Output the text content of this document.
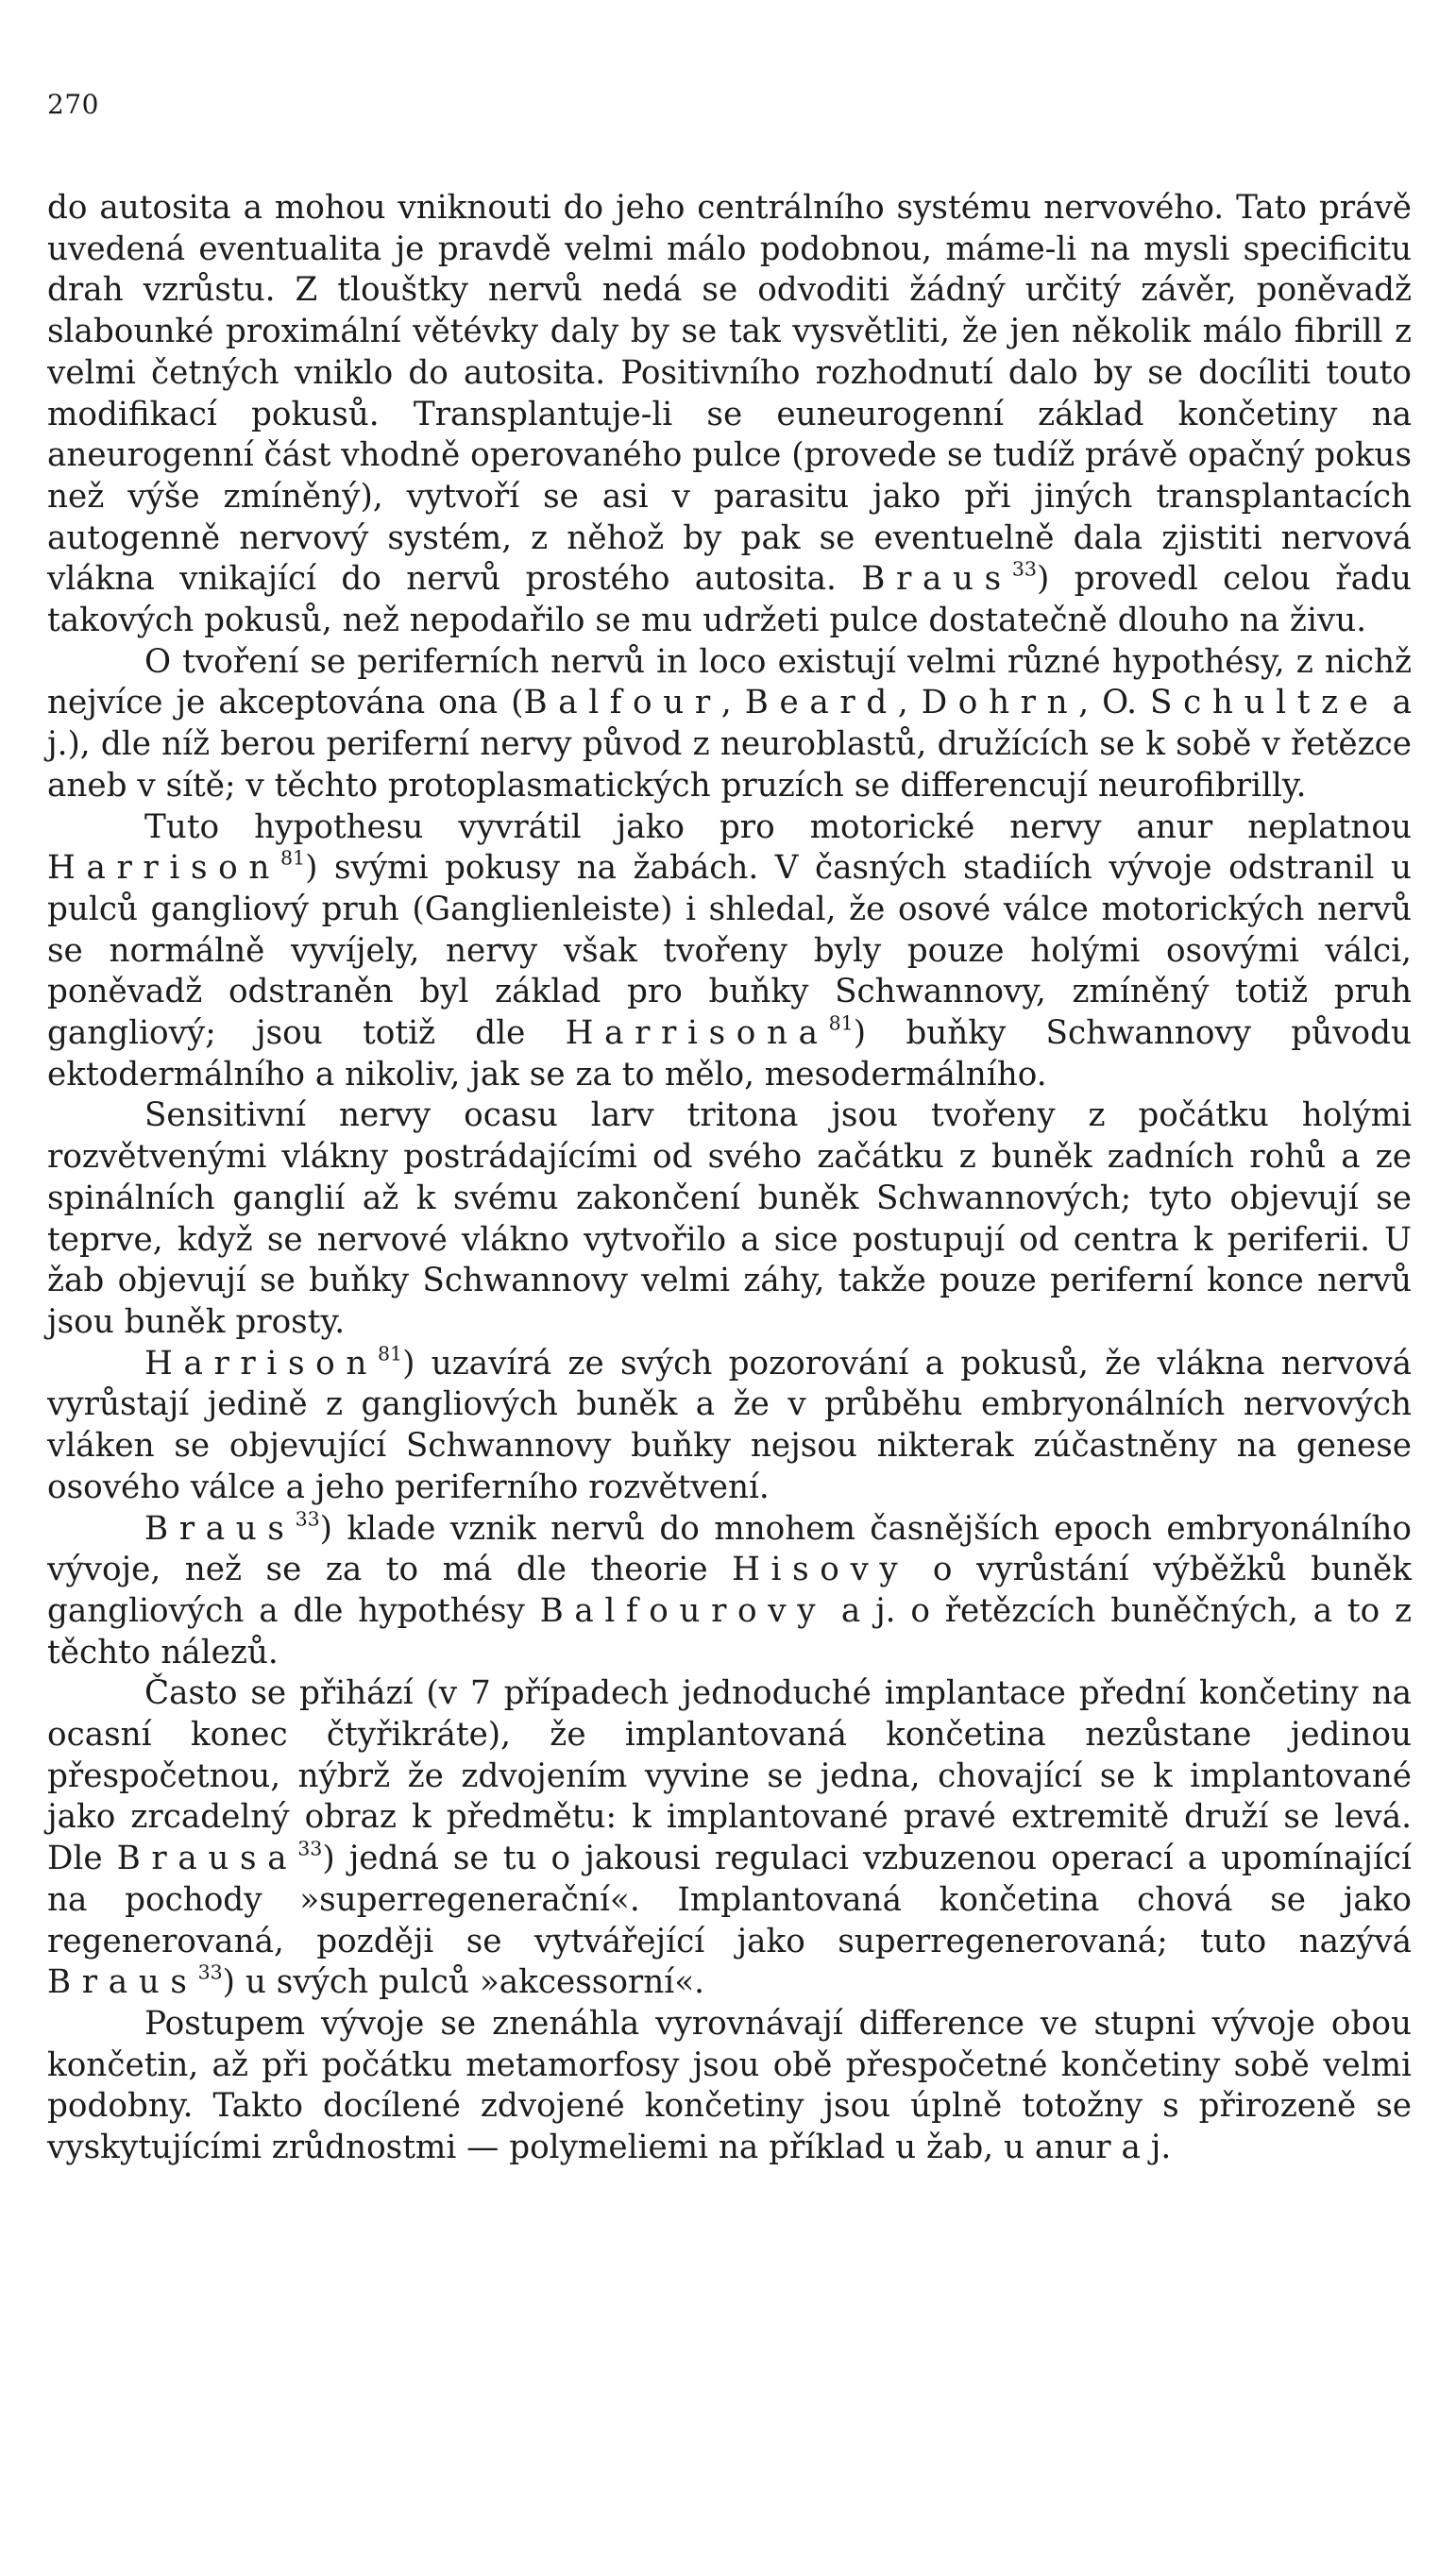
270

do autosita a mohou vniknouti do jeho centrálního systému nervového. Tato právě uvedená eventualita je pravdě velmi málo podobnou, máme-li na mysli specificitu drah vzrůstu. Z tlouštky nervů nedá se odvoditi žádný určitý závěr, poněvadž slabounké proximální větévky daly by se tak vysvětliti, že jen několik málo fibrill z velmi četných vniklo do autosita. Positivního rozhodnutí dalo by se docíliti touto modifikací pokusů. Transplantuje-li se euneurogenní základ končetiny na aneurogenní část vhodně operovaného pulce (provede se tudíž právě opačný pokus než výše zmíněný), vytvoří se asi v parasitu jako při jiných transplantacích autogenně nervový systém, z něhož by pak se eventuelně dala zjistiti nervová vlákna vnikající do nervů prostého autosita. Braus$^{33}$) provedl celou řadu takových pokusů, než nepodařilo se mu udržeti pulce dostatečně dlouho na živu.

O tvoření se periferních nervů in loco existují velmi různé hypothésy, z nichž nejvíce je akceptována ona (Balfour, Beard, Dohrn, O. Schultze a j.), dle níž berou periferní nervy původ z neuroblastů, družících se k sobě v řetězce aneb v sítě; v těchto protoplasmatických pruzích se differencují neurofibrilly.

Tuto hypothesu vyvrátil jako pro motorické nervy anur neplatnou Harrison$^{81}$) svými pokusy na žabách. V časných stadiích vývoje odstranil u pulců gangliový pruh (Ganglienleiste) i shledal, že osové válce motorických nervů se normálně vyvíjely, nervy však tvořeny byly pouze holými osovými válci, poněvadž odstraněn byl základ pro buňky Schwannovy, zmíněný totiž pruh gangliový; jsou totiž dle Harrisona$^{81}$) buňky Schwannovy původu ektodermálního a nikoliv, jak se za to mělo, mesodermálního.

Sensitivní nervy ocasu larv tritona jsou tvořeny z počátku holými rozvětvenými vlákny postrádajícími od svého začátku z buněk zadních rohů a ze spinálních ganglií až k svému zakončení buněk Schwannových; tyto objevují se teprve, když se nervové vlákno vytvořilo a sice postupují od centra k periferii. U žab objevují se buňky Schwannovy velmi záhy, takže pouze periferní konce nervů jsou buněk prosty.

Harrison$^{81}$) uzavírá ze svých pozorování a pokusů, že vlákna nervová vyrůstají jedině z gangliových buněk a že v průběhu embryonálních nervových vláken se objevující Schwannovy buňky nejsou nikterak zúčastněny na genese osového válce a jeho periferního rozvětvení.

Braus$^{33}$) klade vznik nervů do mnohem časnějších epoch embryonálního vývoje, než se za to má dle theorie Hisovy o vyrůstání výběžků buněk gangliových a dle hypothésy Balfourovy a j. o řetězcích buněčných, a to z těchto nálezů.

Často se přihází (v 7 případech jednoduché implantace přední končetiny na ocasní konec čtyřikráte), že implantovaná končetina nezůstane jedinou přespočetnou, nýbrž že zdvojením vyvine se jedna, chovající se k implantované jako zrcadelný obraz k předmětu: k implantované pravé extremitě druží se levá. Dle Brausa$^{33}$) jedná se tu o jakousi regulaci vzbuzenou operací a upomínající na pochody »superregenerační«. Implantovaná končetina chová se jako regenerovaná, později se vytvářející jako superregenerovaná; tuto nazývá Braus$^{33}$) u svých pulců »akcessorní«.

Postupem vývoje se znenáhla vyrovnávají difference ve stupni vývoje obou končetin, až při počátku metamorfosy jsou obě přespočetné končetiny sobě velmi podobny. Takto docílené zdvojené končetiny jsou úplně totožny s přirozeně se vyskytujícími zrůdnostmi — polymeliemi na příklad u žab, u anur a j.
